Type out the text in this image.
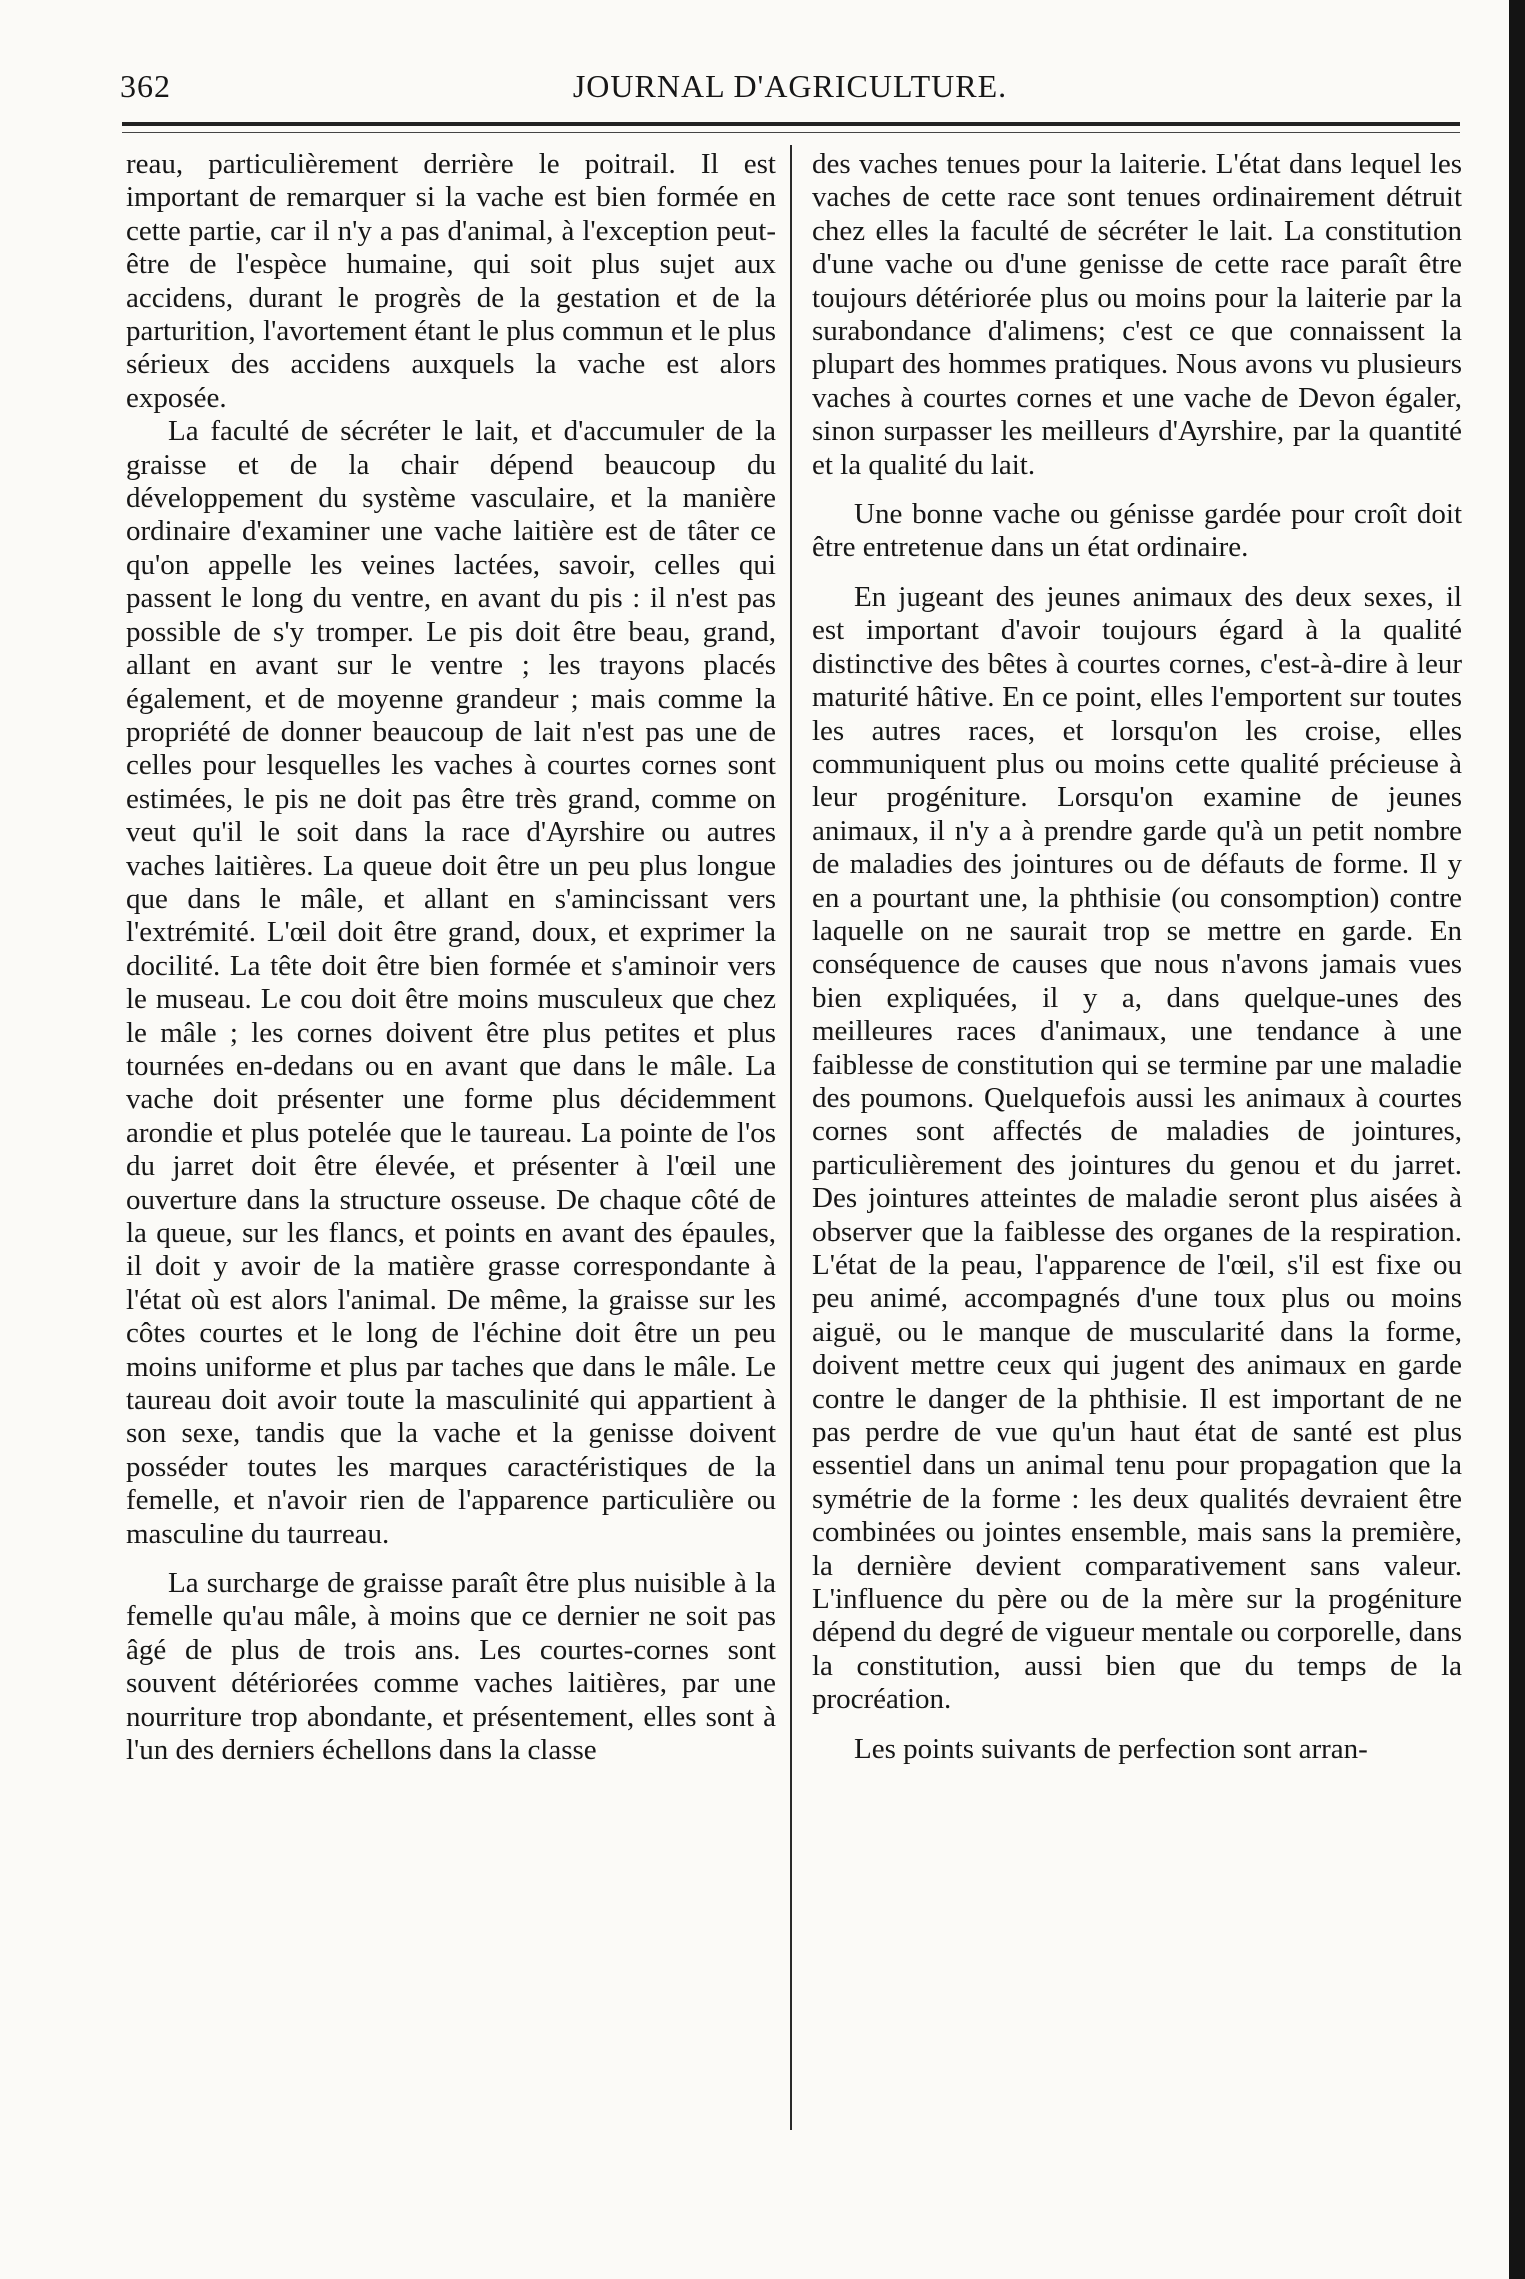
362	JOURNAL D'AGRICULTURE.

reau, particulièrement derrière le poitrail. Il est important de remarquer si la vache est bien formée en cette partie, car il n'y a pas d'animal, à l'exception peut-être de l'espèce humaine, qui soit plus sujet aux accidens, durant le progrès de la gestation et de la parturition, l'avortement étant le plus commun et le plus sérieux des accidens auxquels la vache est alors exposée.

La faculté de sécréter le lait, et d'accumuler de la graisse et de la chair dépend beaucoup du développement du système vasculaire, et la manière ordinaire d'examiner une vache laitière est de tâter ce qu'on appelle les veines lactées, savoir, celles qui passent le long du ventre, en avant du pis : il n'est pas possible de s'y tromper. Le pis doit être beau, grand, allant en avant sur le ventre ; les trayons placés également, et de moyenne grandeur ; mais comme la propriété de donner beaucoup de lait n'est pas une de celles pour lesquelles les vaches à courtes cornes sont estimées, le pis ne doit pas être très grand, comme on veut qu'il le soit dans la race d'Ayrshire ou autres vaches laitières. La queue doit être un peu plus longue que dans le mâle, et allant en s'amincissant vers l'extrémité. L'œil doit être grand, doux, et exprimer la docilité. La tête doit être bien formée et s'aminoir vers le museau. Le cou doit être moins musculeux que chez le mâle ; les cornes doivent être plus petites et plus tournées en-dedans ou en avant que dans le mâle. La vache doit présenter une forme plus décidemment arondie et plus potelée que le taureau. La pointe de l'os du jarret doit être élevée, et présenter à l'œil une ouverture dans la structure osseuse. De chaque côté de la queue, sur les flancs, et points en avant des épaules, il doit y avoir de la matière grasse correspondante à l'état où est alors l'animal. De même, la graisse sur les côtes courtes et le long de l'échine doit être un peu moins uniforme et plus par taches que dans le mâle. Le taureau doit avoir toute la masculinité qui appartient à son sexe, tandis que la vache et la genisse doivent posséder toutes les marques caractéristiques de la femelle, et n'avoir rien de l'apparence particulière ou masculine du taurreau.

La surcharge de graisse paraît être plus nuisible à la femelle qu'au mâle, à moins que ce dernier ne soit pas âgé de plus de trois ans. Les courtes-cornes sont souvent détériorées comme vaches laitières, par une nourriture trop abondante, et présentement, elles sont à l'un des derniers échellons dans la classe

des vaches tenues pour la laiterie. L'état dans lequel les vaches de cette race sont tenues ordinairement détruit chez elles la faculté de sécréter le lait. La constitution d'une vache ou d'une genisse de cette race paraît être toujours détériorée plus ou moins pour la laiterie par la surabondance d'alimens; c'est ce que connaissent la plupart des hommes pratiques. Nous avons vu plusieurs vaches à courtes cornes et une vache de Devon égaler, sinon surpasser les meilleurs d'Ayrshire, par la quantité et la qualité du lait.

Une bonne vache ou génisse gardée pour croît doit être entretenue dans un état ordinaire.

En jugeant des jeunes animaux des deux sexes, il est important d'avoir toujours égard à la qualité distinctive des bêtes à courtes cornes, c'est-à-dire à leur maturité hâtive. En ce point, elles l'emportent sur toutes les autres races, et lorsqu'on les croise, elles communiquent plus ou moins cette qualité précieuse à leur progéniture. Lorsqu'on examine de jeunes animaux, il n'y a à prendre garde qu'à un petit nombre de maladies des jointures ou de défauts de forme. Il y en a pourtant une, la phthisie (ou consomption) contre laquelle on ne saurait trop se mettre en garde. En conséquence de causes que nous n'avons jamais vues bien expliquées, il y a, dans quelque-unes des meilleures races d'animaux, une tendance à une faiblesse de constitution qui se termine par une maladie des poumons. Quelquefois aussi les animaux à courtes cornes sont affectés de maladies de jointures, particulièrement des jointures du genou et du jarret. Des jointures atteintes de maladie seront plus aisées à observer que la faiblesse des organes de la respiration. L'état de la peau, l'apparence de l'œil, s'il est fixe ou peu animé, accompagnés d'une toux plus ou moins aiguë, ou le manque de muscularité dans la forme, doivent mettre ceux qui jugent des animaux en garde contre le danger de la phthisie. Il est important de ne pas perdre de vue qu'un haut état de santé est plus essentiel dans un animal tenu pour propagation que la symétrie de la forme : les deux qualités devraient être combinées ou jointes ensemble, mais sans la première, la dernière devient comparativement sans valeur. L'influence du père ou de la mère sur la progéniture dépend du degré de vigueur mentale ou corporelle, dans la constitution, aussi bien que du temps de la procréation.

Les points suivants de perfection sont arran-
